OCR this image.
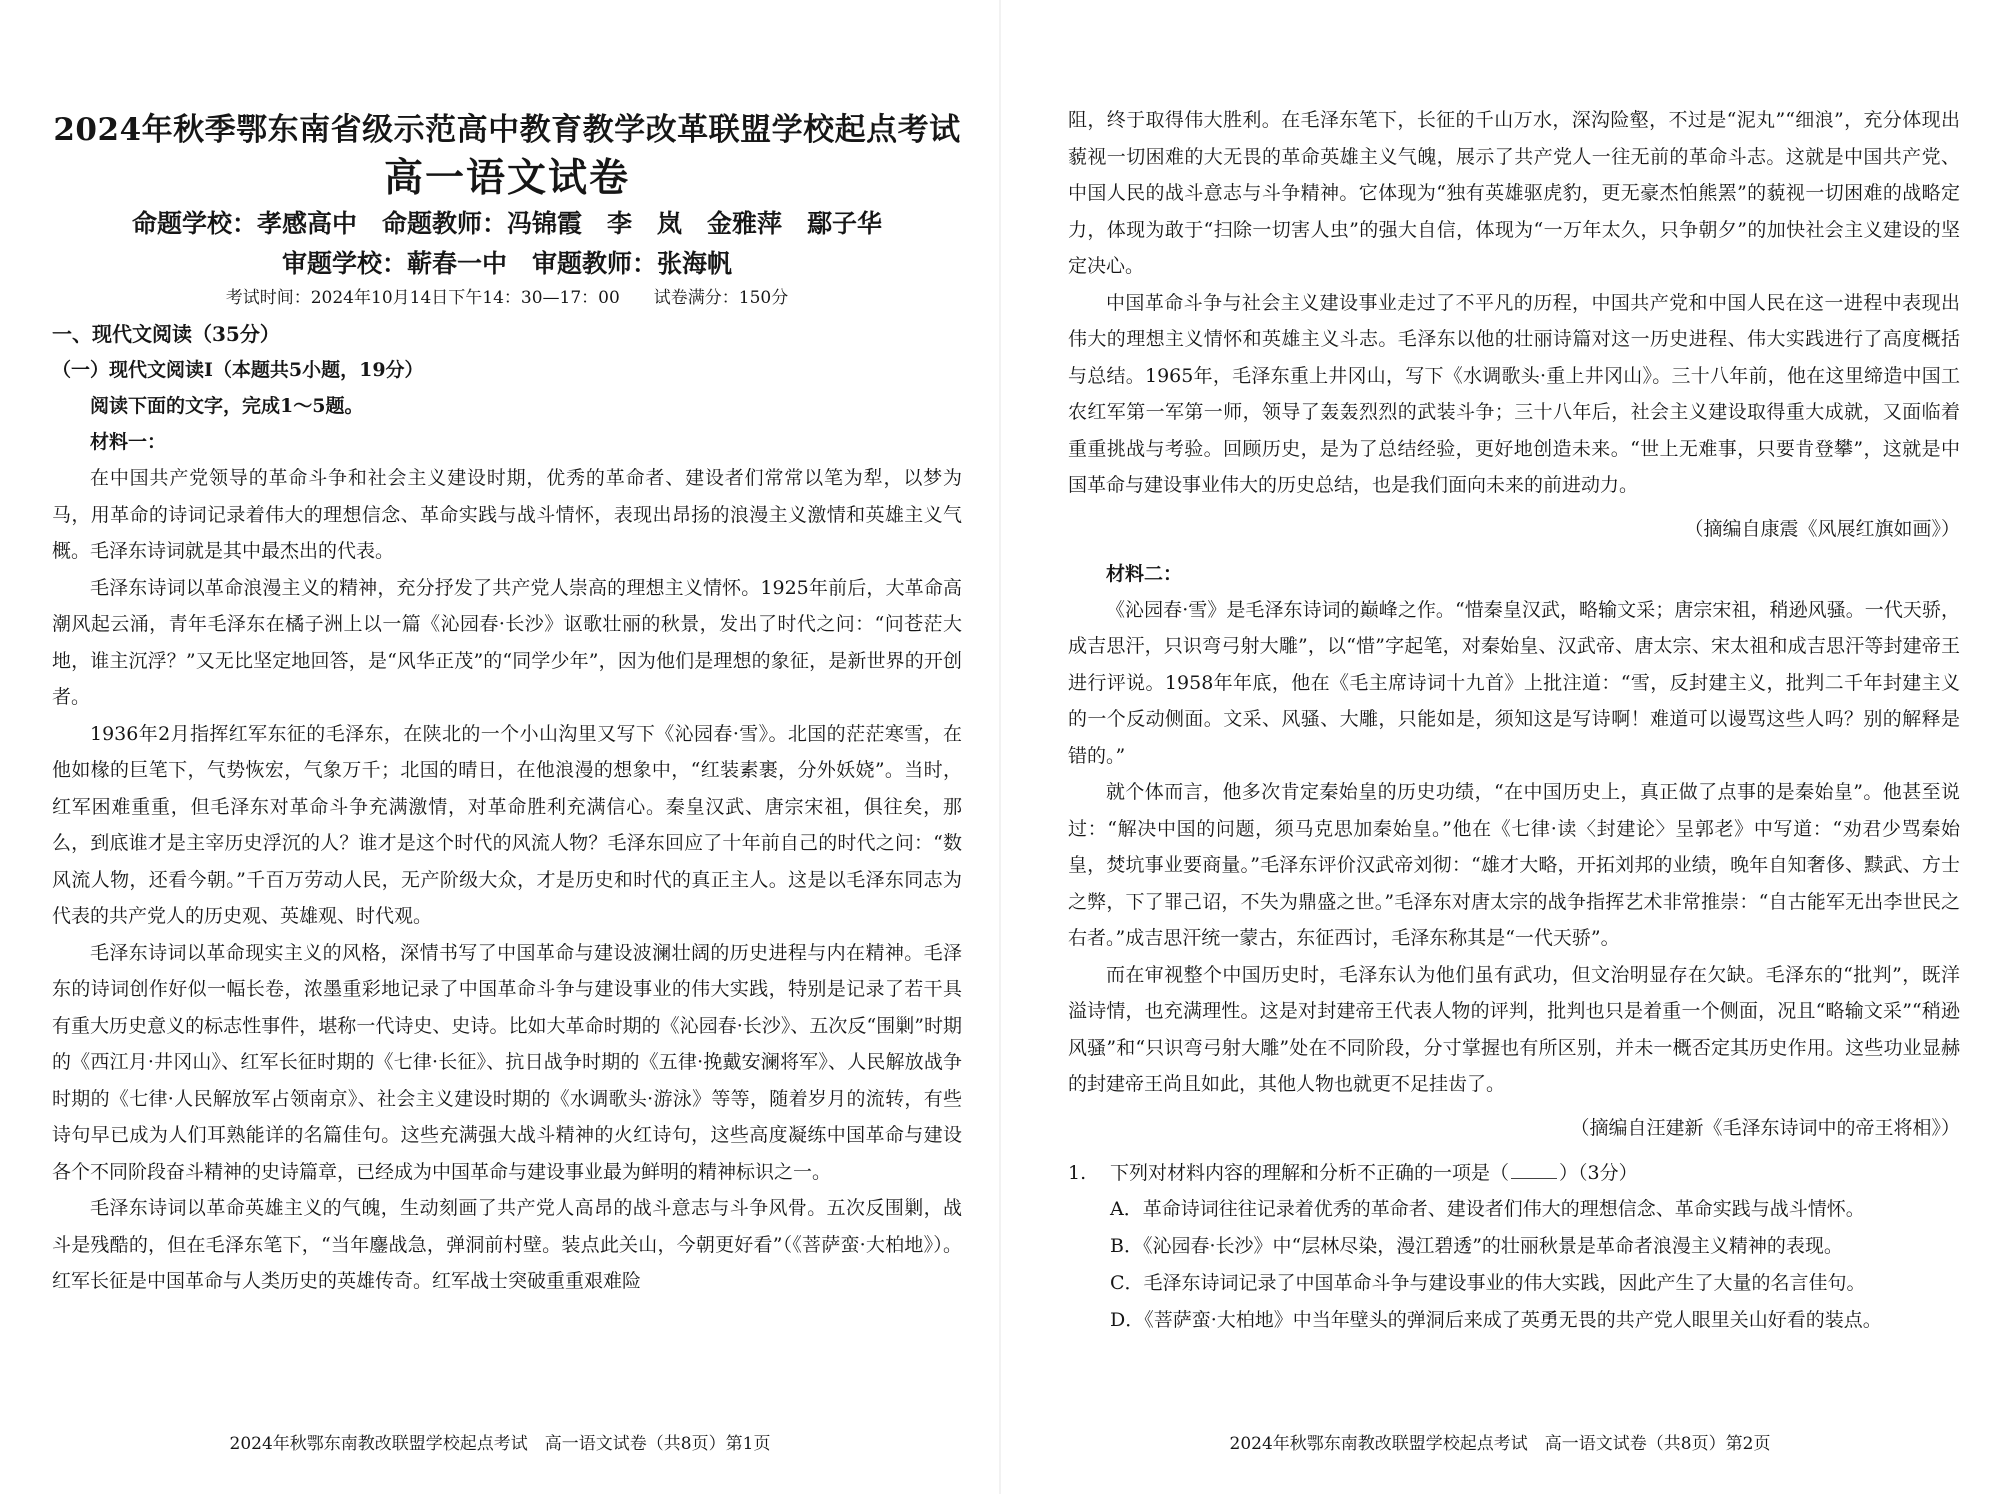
2024年秋季鄂东南省级示范高中教育教学改革联盟学校起点考试

高一语文试卷

命题学校：孝感高中　命题教师：冯锦霞　李　岚　金雅萍　鄢子华

审题学校：蕲春一中　审题教师：张海帆

考试时间：2024年10月14日下午14：30—17：00　　试卷满分：150分

一、现代文阅读（35分）

（一）现代文阅读Ⅰ（本题共5小题，19分）

阅读下面的文字，完成1～5题。

材料一：

在中国共产党领导的革命斗争和社会主义建设时期，优秀的革命者、建设者们常常以笔为犁，以梦为马，用革命的诗词记录着伟大的理想信念、革命实践与战斗情怀，表现出昂扬的浪漫主义激情和英雄主义气概。毛泽东诗词就是其中最杰出的代表。

毛泽东诗词以革命浪漫主义的精神，充分抒发了共产党人崇高的理想主义情怀。1925年前后，大革命高潮风起云涌，青年毛泽东在橘子洲上以一篇《沁园春·长沙》讴歌壮丽的秋景，发出了时代之问：“问苍茫大地，谁主沉浮？”又无比坚定地回答，是“风华正茂”的“同学少年”，因为他们是理想的象征，是新世界的开创者。

1936年2月指挥红军东征的毛泽东，在陕北的一个小山沟里又写下《沁园春·雪》。北国的茫茫寒雪，在他如椽的巨笔下，气势恢宏，气象万千；北国的晴日，在他浪漫的想象中，“红装素裹，分外妖娆”。当时，红军困难重重，但毛泽东对革命斗争充满激情，对革命胜利充满信心。秦皇汉武、唐宗宋祖，俱往矣，那么，到底谁才是主宰历史浮沉的人？谁才是这个时代的风流人物？毛泽东回应了十年前自己的时代之问：“数风流人物，还看今朝。”千百万劳动人民，无产阶级大众，才是历史和时代的真正主人。这是以毛泽东同志为代表的共产党人的历史观、英雄观、时代观。

毛泽东诗词以革命现实主义的风格，深情书写了中国革命与建设波澜壮阔的历史进程与内在精神。毛泽东的诗词创作好似一幅长卷，浓墨重彩地记录了中国革命斗争与建设事业的伟大实践，特别是记录了若干具有重大历史意义的标志性事件，堪称一代诗史、史诗。比如大革命时期的《沁园春·长沙》、五次反“围剿”时期的《西江月·井冈山》、红军长征时期的《七律·长征》、抗日战争时期的《五律·挽戴安澜将军》、人民解放战争时期的《七律·人民解放军占领南京》、社会主义建设时期的《水调歌头·游泳》等等，随着岁月的流转，有些诗句早已成为人们耳熟能详的名篇佳句。这些充满强大战斗精神的火红诗句，这些高度凝练中国革命与建设各个不同阶段奋斗精神的史诗篇章，已经成为中国革命与建设事业最为鲜明的精神标识之一。

毛泽东诗词以革命英雄主义的气魄，生动刻画了共产党人高昂的战斗意志与斗争风骨。五次反围剿，战斗是残酷的，但在毛泽东笔下，“当年鏖战急，弹洞前村壁。装点此关山，今朝更好看”（《菩萨蛮·大柏地》）。红军长征是中国革命与人类历史的英雄传奇。红军战士突破重重艰难险

2024年秋鄂东南教改联盟学校起点考试　高一语文试卷（共8页）第1页

阻，终于取得伟大胜利。在毛泽东笔下，长征的千山万水，深沟险壑，不过是“泥丸”“细浪”，充分体现出藐视一切困难的大无畏的革命英雄主义气魄，展示了共产党人一往无前的革命斗志。这就是中国共产党、中国人民的战斗意志与斗争精神。它体现为“独有英雄驱虎豹，更无豪杰怕熊罴”的藐视一切困难的战略定力，体现为敢于“扫除一切害人虫”的强大自信，体现为“一万年太久，只争朝夕”的加快社会主义建设的坚定决心。

中国革命斗争与社会主义建设事业走过了不平凡的历程，中国共产党和中国人民在这一进程中表现出伟大的理想主义情怀和英雄主义斗志。毛泽东以他的壮丽诗篇对这一历史进程、伟大实践进行了高度概括与总结。1965年，毛泽东重上井冈山，写下《水调歌头·重上井冈山》。三十八年前，他在这里缔造中国工农红军第一军第一师，领导了轰轰烈烈的武装斗争；三十八年后，社会主义建设取得重大成就，又面临着重重挑战与考验。回顾历史，是为了总结经验，更好地创造未来。“世上无难事，只要肯登攀”，这就是中国革命与建设事业伟大的历史总结，也是我们面向未来的前进动力。

（摘编自康震《风展红旗如画》）

材料二：

《沁园春·雪》是毛泽东诗词的巅峰之作。“惜秦皇汉武，略输文采；唐宗宋祖，稍逊风骚。一代天骄，成吉思汗，只识弯弓射大雕”，以“惜”字起笔，对秦始皇、汉武帝、唐太宗、宋太祖和成吉思汗等封建帝王进行评说。1958年年底，他在《毛主席诗词十九首》上批注道：“雪，反封建主义，批判二千年封建主义的一个反动侧面。文采、风骚、大雕，只能如是，须知这是写诗啊！难道可以谩骂这些人吗？别的解释是错的。”

就个体而言，他多次肯定秦始皇的历史功绩，“在中国历史上，真正做了点事的是秦始皇”。他甚至说过：“解决中国的问题，须马克思加秦始皇。”他在《七律·读〈封建论〉呈郭老》中写道：“劝君少骂秦始皇，焚坑事业要商量。”毛泽东评价汉武帝刘彻：“雄才大略，开拓刘邦的业绩，晚年自知奢侈、黩武、方士之弊，下了罪己诏，不失为鼎盛之世。”毛泽东对唐太宗的战争指挥艺术非常推崇：“自古能军无出李世民之右者。”成吉思汗统一蒙古，东征西讨，毛泽东称其是“一代天骄”。

而在审视整个中国历史时，毛泽东认为他们虽有武功，但文治明显存在欠缺。毛泽东的“批判”，既洋溢诗情，也充满理性。这是对封建帝王代表人物的评判，批判也只是着重一个侧面，况且“略输文采”“稍逊风骚”和“只识弯弓射大雕”处在不同阶段，分寸掌握也有所区别，并未一概否定其历史作用。这些功业显赫的封建帝王尚且如此，其他人物也就更不足挂齿了。

（摘编自汪建新《毛泽东诗词中的帝王将相》）

1. 下列对材料内容的理解和分析不正确的一项是（	）（3分）

A．革命诗词往往记录着优秀的革命者、建设者们伟大的理想信念、革命实践与战斗情怀。

B．《沁园春·长沙》中“层林尽染，漫江碧透”的壮丽秋景是革命者浪漫主义精神的表现。

C．毛泽东诗词记录了中国革命斗争与建设事业的伟大实践，因此产生了大量的名言佳句。

D．《菩萨蛮·大柏地》中当年壁头的弹洞后来成了英勇无畏的共产党人眼里关山好看的装点。

2024年秋鄂东南教改联盟学校起点考试　高一语文试卷（共8页）第2页
